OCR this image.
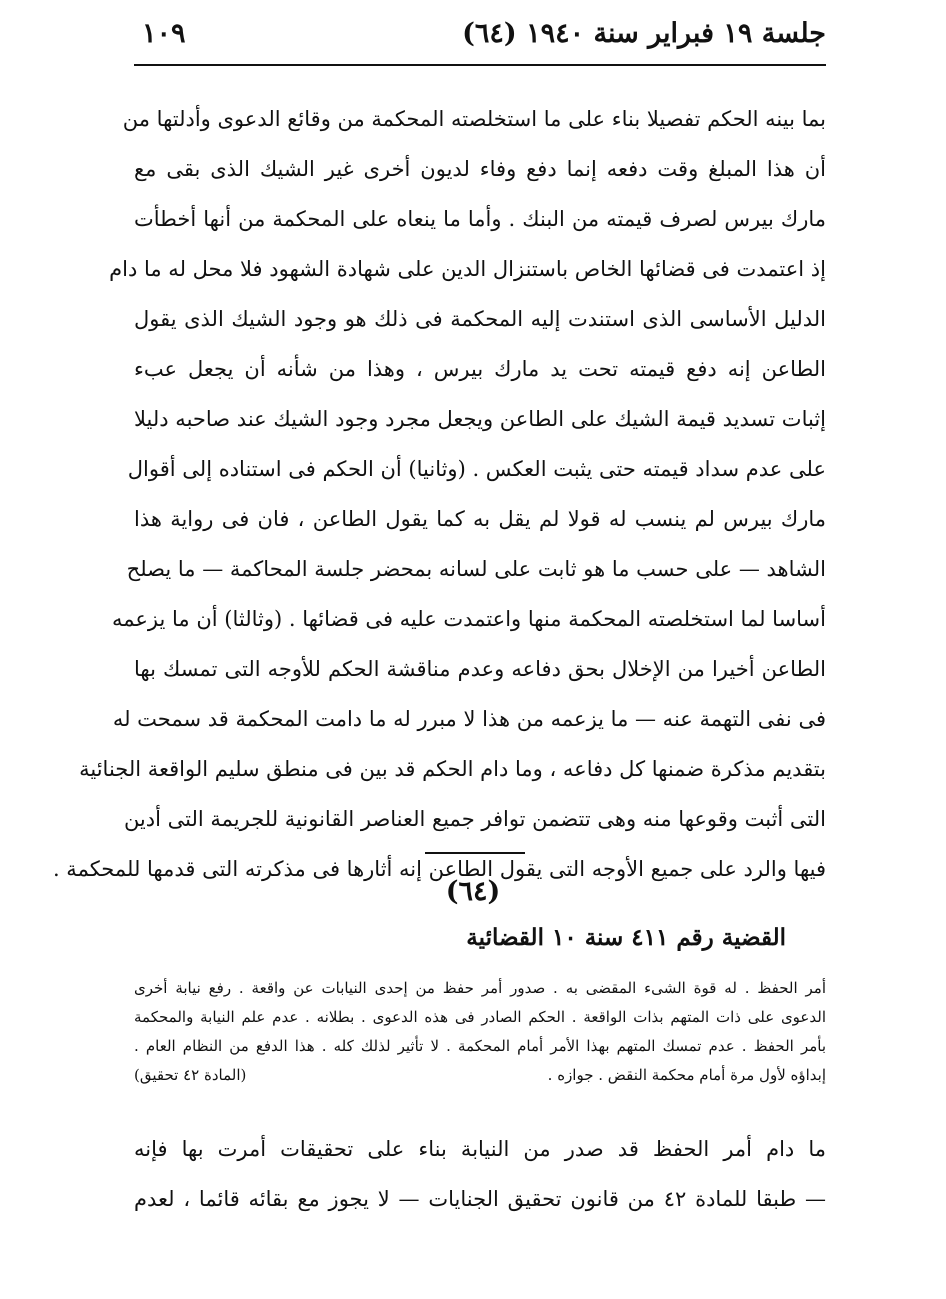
جلسة ١٩ فبراير سنة ١٩٤٠ (٦٤)
١٠٩
بما بينه الحكم تفصيلا بناء على ما استخلصته المحكمة من وقائع الدعوى وأدلتها من
أن هذا المبلغ وقت دفعه إنما دفع وفاء لديون أخرى غير الشيك الذى بقى مع
مارك بيرس لصرف قيمته من البنك . وأما ما ينعاه على المحكمة من أنها أخطأت
إذ اعتمدت فى قضائها الخاص باستنزال الدين على شهادة الشهود فلا محل له ما دام
الدليل الأساسى الذى استندت إليه المحكمة فى ذلك هو وجود الشيك الذى يقول
الطاعن إنه دفع قيمته تحت يد مارك بيرس ، وهذا من شأنه أن يجعل عبء
إثبات تسديد قيمة الشيك على الطاعن ويجعل مجرد وجود الشيك عند صاحبه دليلا
على عدم سداد قيمته حتى يثبت العكس . (وثانيا) أن الحكم فى استناده إلى أقوال
مارك بيرس لم ينسب له قولا لم يقل به كما يقول الطاعن ، فان فى رواية هذا
الشاهد — على حسب ما هو ثابت على لسانه بمحضر جلسة المحاكمة — ما يصلح
أساسا لما استخلصته المحكمة منها واعتمدت عليه فى قضائها . (وثالثا) أن ما يزعمه
الطاعن أخيرا من الإخلال بحق دفاعه وعدم مناقشة الحكم للأوجه التى تمسك بها
فى نفى التهمة عنه — ما يزعمه من هذا لا مبرر له ما دامت المحكمة قد سمحت له
بتقديم مذكرة ضمنها كل دفاعه ، وما دام الحكم قد بين فى منطق سليم الواقعة الجنائية
التى أثبت وقوعها منه وهى تتضمن توافر جميع العناصر القانونية للجريمة التى أدين
فيها والرد على جميع الأوجه التى يقول الطاعن إنه أثارها فى مذكرته التى قدمها للمحكمة .
(٦٤)
القضية رقم ٤١١ سنة ١٠ القضائية
أمر الحفظ . له قوة الشىء المقضى به . صدور أمر حفظ من إحدى النيابات عن واقعة . رفع نيابة أخرى
الدعوى على ذات المتهم بذات الواقعة . الحكم الصادر فى هذه الدعوى . بطلانه . عدم علم النيابة والمحكمة
بأمر الحفظ . عدم تمسك المتهم بهذا الأمر أمام المحكمة . لا تأثير لذلك كله . هذا الدفع من النظام العام .
إبداؤه لأول مرة أمام محكمة النقض . جوازه .
(المادة ٤٢ تحقيق)
ما دام أمر الحفظ قد صدر من النيابة بناء على تحقيقات أمرت بها فإنه
— طبقا للمادة ٤٢ من قانون تحقيق الجنايات — لا يجوز مع بقائه قائما ، لعدم
